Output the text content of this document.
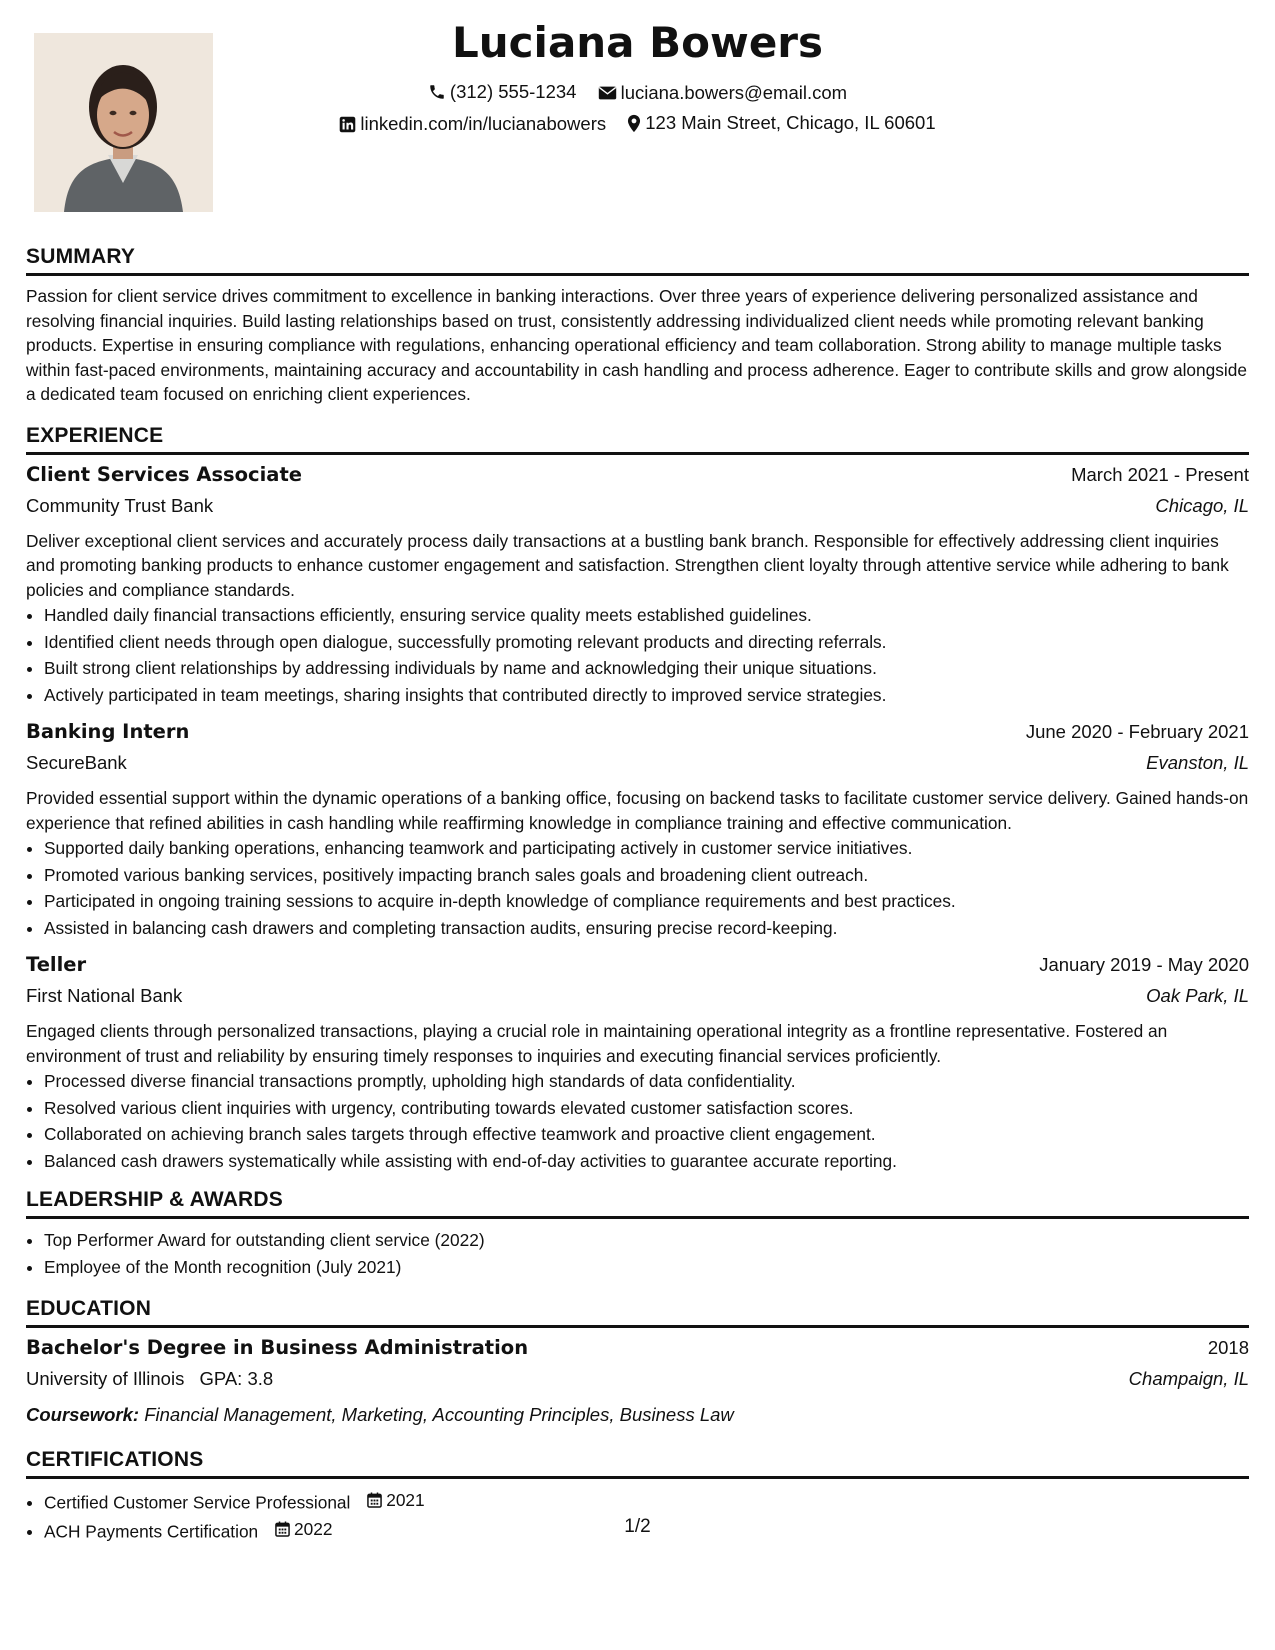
Luciana Bowers
(312) 555-1234
luciana.bowers@email.com
linkedin.com/in/lucianabowers
123 Main Street, Chicago, IL 60601
SUMMARY

Passion for client service drives commitment to excellence in banking interactions. Over three years of experience delivering personalized assistance and resolving financial inquiries. Build lasting relationships based on trust, consistently addressing individualized client needs while promoting relevant banking products. Expertise in ensuring compliance with regulations, enhancing operational efficiency and team collaboration. Strong ability to manage multiple tasks within fast-paced environments, maintaining accuracy and accountability in cash handling and process adherence. Eager to contribute skills and grow alongside a dedicated team focused on enriching client experiences.

EXPERIENCE
Client Services Associate	March 2021 - Present
Community Trust Bank	Chicago, IL

Deliver exceptional client services and accurately process daily transactions at a bustling bank branch. Responsible for effectively addressing client inquiries and promoting banking products to enhance customer engagement and satisfaction. Strengthen client loyalty through attentive service while adhering to bank policies and compliance standards.

• Handled daily financial transactions efficiently, ensuring service quality meets established guidelines.
• Identified client needs through open dialogue, successfully promoting relevant products and directing referrals.
• Built strong client relationships by addressing individuals by name and acknowledging their unique situations.
• Actively participated in team meetings, sharing insights that contributed directly to improved service strategies.
Banking Intern	June 2020 - February 2021
SecureBank	Evanston, IL

Provided essential support within the dynamic operations of a banking office, focusing on backend tasks to facilitate customer service delivery. Gained hands-on experience that refined abilities in cash handling while reaffirming knowledge in compliance training and effective communication.

• Supported daily banking operations, enhancing teamwork and participating actively in customer service initiatives.
• Promoted various banking services, positively impacting branch sales goals and broadening client outreach.
• Participated in ongoing training sessions to acquire in-depth knowledge of compliance requirements and best practices.
• Assisted in balancing cash drawers and completing transaction audits, ensuring precise record-keeping.
Teller	January 2019 - May 2020
First National Bank	Oak Park, IL

Engaged clients through personalized transactions, playing a crucial role in maintaining operational integrity as a frontline representative. Fostered an environment of trust and reliability by ensuring timely responses to inquiries and executing financial services proficiently.

• Processed diverse financial transactions promptly, upholding high standards of data confidentiality.
• Resolved various client inquiries with urgency, contributing towards elevated customer satisfaction scores.
• Collaborated on achieving branch sales targets through effective teamwork and proactive client engagement.
• Balanced cash drawers systematically while assisting with end-of-day activities to guarantee accurate reporting.
LEADERSHIP & AWARDS
• Top Performer Award for outstanding client service (2022)
• Employee of the Month recognition (July 2021)
EDUCATION
Bachelor's Degree in Business Administration	2018
University of Illinois GPA: 3.8	Champaign, IL
Coursework: Financial Management, Marketing, Accounting Principles, Business Law
CERTIFICATIONS
• Certified Customer Service Professional 2021
• ACH Payments Certification 2022	1/2
